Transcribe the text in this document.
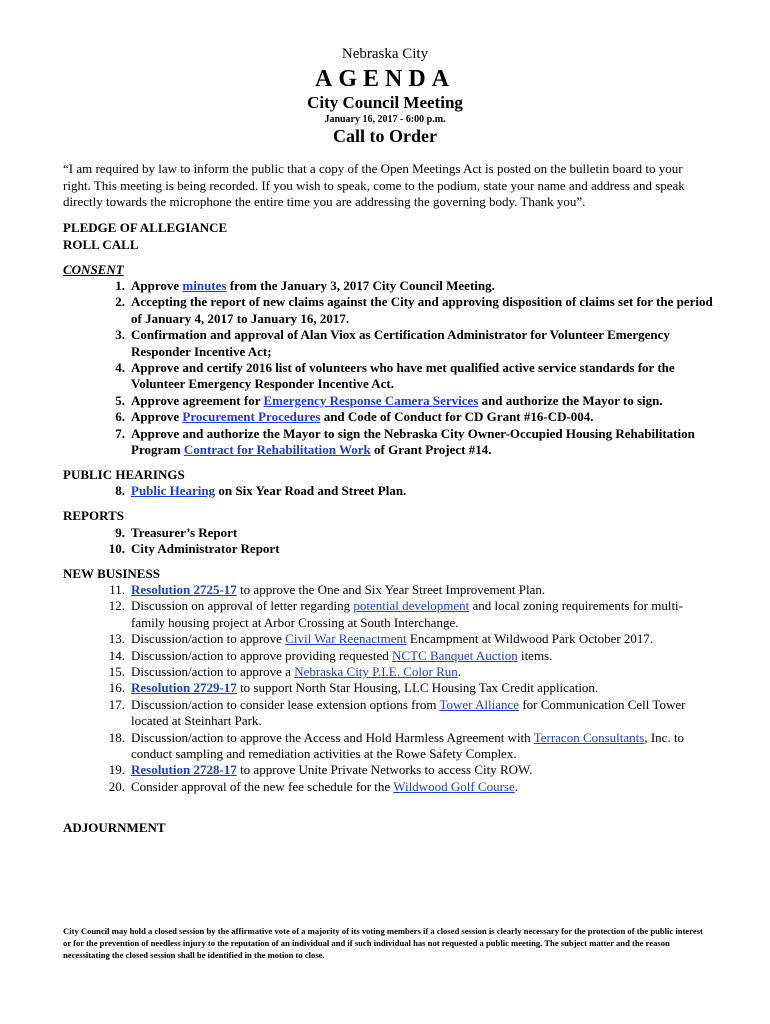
Nebraska City
AGENDA
City Council Meeting
January 16, 2017 - 6:00 p.m.
Call to Order
“I am required by law to inform the public that a copy of the Open Meetings Act is posted on the bulletin board to your right. This meeting is being recorded. If you wish to speak, come to the podium, state your name and address and speak directly towards the microphone the entire time you are addressing the governing body. Thank you”.
PLEDGE OF ALLEGIANCE
ROLL CALL
CONSENT
1. Approve minutes from the January 3, 2017 City Council Meeting.
2. Accepting the report of new claims against the City and approving disposition of claims set for the period of January 4, 2017 to January 16, 2017.
3. Confirmation and approval of Alan Viox as Certification Administrator for Volunteer Emergency Responder Incentive Act;
4. Approve and certify 2016 list of volunteers who have met qualified active service standards for the Volunteer Emergency Responder Incentive Act.
5. Approve agreement for Emergency Response Camera Services and authorize the Mayor to sign.
6. Approve Procurement Procedures and Code of Conduct for CD Grant #16-CD-004.
7. Approve and authorize the Mayor to sign the Nebraska City Owner-Occupied Housing Rehabilitation Program Contract for Rehabilitation Work of Grant Project #14.
PUBLIC HEARINGS
8. Public Hearing on Six Year Road and Street Plan.
REPORTS
9. Treasurer’s Report
10. City Administrator Report
NEW BUSINESS
11. Resolution 2725-17 to approve the One and Six Year Street Improvement Plan.
12. Discussion on approval of letter regarding potential development and local zoning requirements for multi-family housing project at Arbor Crossing at South Interchange.
13. Discussion/action to approve Civil War Reenactment Encampment at Wildwood Park October 2017.
14. Discussion/action to approve providing requested NCTC Banquet Auction items.
15. Discussion/action to approve a Nebraska City P.I.E. Color Run.
16. Resolution 2729-17 to support North Star Housing, LLC Housing Tax Credit application.
17. Discussion/action to consider lease extension options from Tower Alliance for Communication Cell Tower located at Steinhart Park.
18. Discussion/action to approve the Access and Hold Harmless Agreement with Terracon Consultants, Inc. to conduct sampling and remediation activities at the Rowe Safety Complex.
19. Resolution 2728-17 to approve Unite Private Networks to access City ROW.
20. Consider approval of the new fee schedule for the Wildwood Golf Course.
ADJOURNMENT
City Council may hold a closed session by the affirmative vote of a majority of its voting members if a closed session is clearly necessary for the protection of the public interest or for the prevention of needless injury to the reputation of an individual and if such individual has not requested a public meeting. The subject matter and the reason necessitating the closed session shall be identified in the motion to close.
